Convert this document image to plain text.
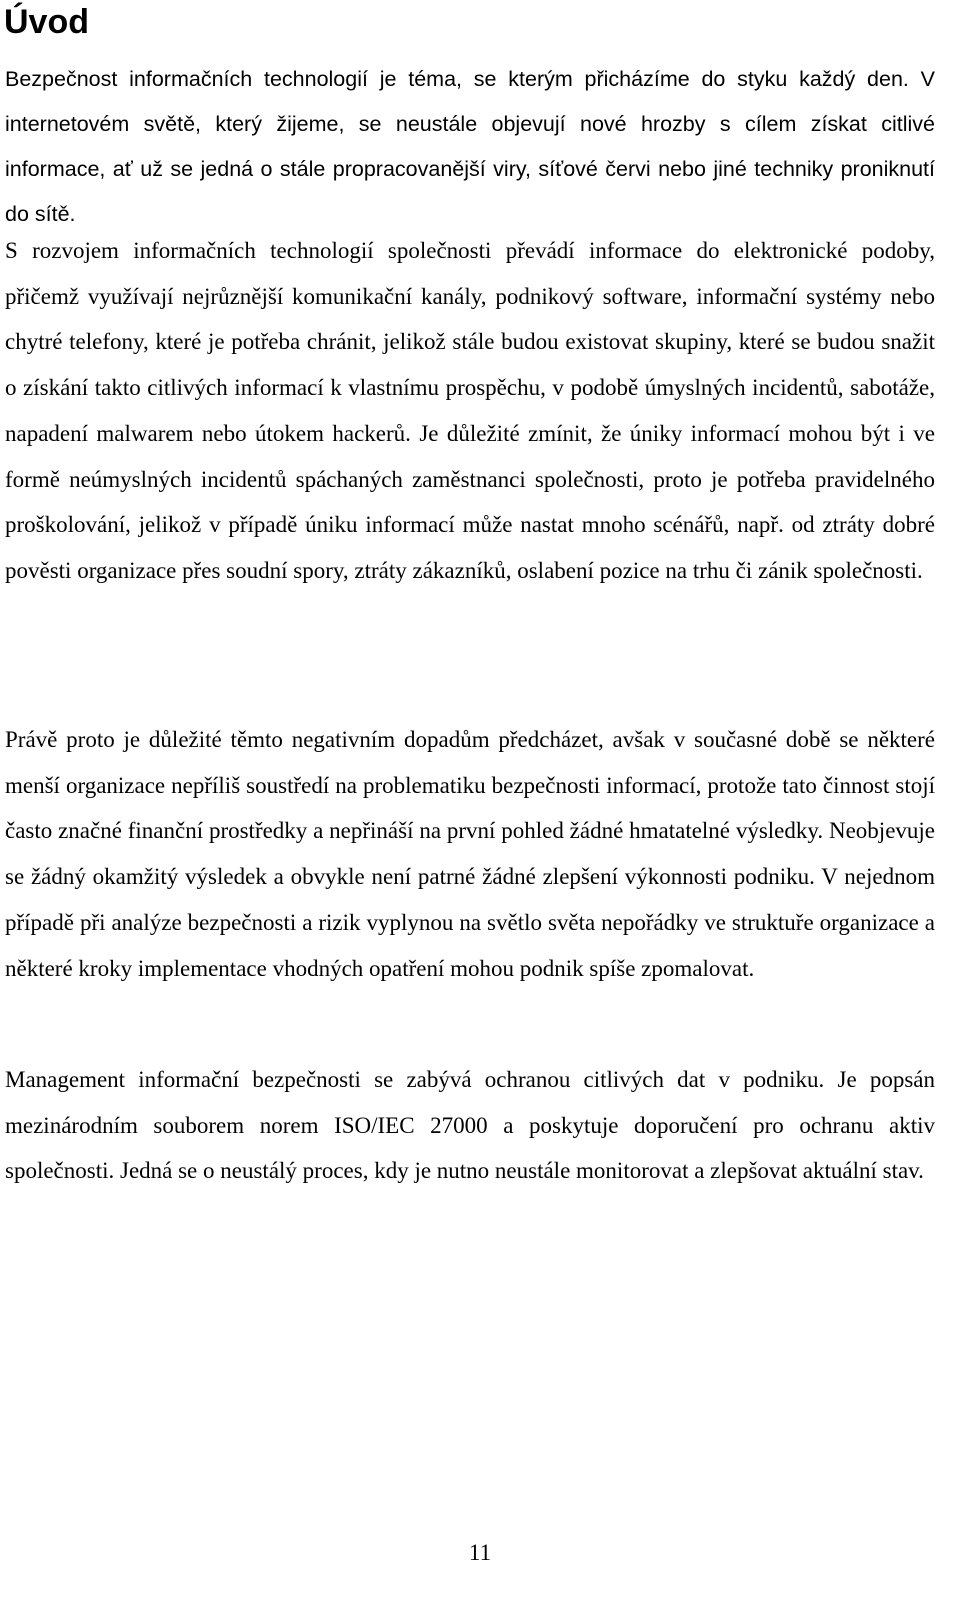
Úvod

Bezpečnost informačních technologií je téma, se kterým přicházíme do styku každý den. V internetovém světě, který žijeme, se neustále objevují nové hrozby s cílem získat citlivé informace, ať už se jedná o stále propracovanější viry, síťové červi nebo jiné techniky proniknutí do sítě.

S rozvojem informačních technologií společnosti převádí informace do elektronické podoby, přičemž využívají nejrůznější komunikační kanály, podnikový software, informační systémy nebo chytré telefony, které je potřeba chránit, jelikož stále budou existovat skupiny, které se budou snažit o získání takto citlivých informací k vlastnímu prospěchu, v podobě úmyslných incidentů, sabotáže, napadení malwarem nebo útokem hackerů. Je důležité zmínit, že úniky informací mohou být i ve formě neúmyslných incidentů spáchaných zaměstnanci společnosti, proto je potřeba pravidelného proškolování, jelikož v případě úniku informací může nastat mnoho scénářů, např. od ztráty dobré pověsti organizace přes soudní spory, ztráty zákazníků, oslabení pozice na trhu či zánik společnosti.

Právě proto je důležité těmto negativním dopadům předcházet, avšak v současné době se některé menší organizace nepříliš soustředí na problematiku bezpečnosti informací, protože tato činnost stojí často značné finanční prostředky a nepřináší na první pohled žádné hmatatelné výsledky. Neobjevuje se žádný okamžitý výsledek a obvykle není patrné žádné zlepšení výkonnosti podniku. V nejednom případě při analýze bezpečnosti a rizik vyplynou na světlo světa nepořádky ve struktuře organizace a některé kroky implementace vhodných opatření mohou podnik spíše zpomalovat.

Management informační bezpečnosti se zabývá ochranou citlivých dat v podniku. Je popsán mezinárodním souborem norem ISO/IEC 27000 a poskytuje doporučení pro ochranu aktiv společnosti. Jedná se o neustálý proces, kdy je nutno neustále monitorovat a zlepšovat aktuální stav.

11
